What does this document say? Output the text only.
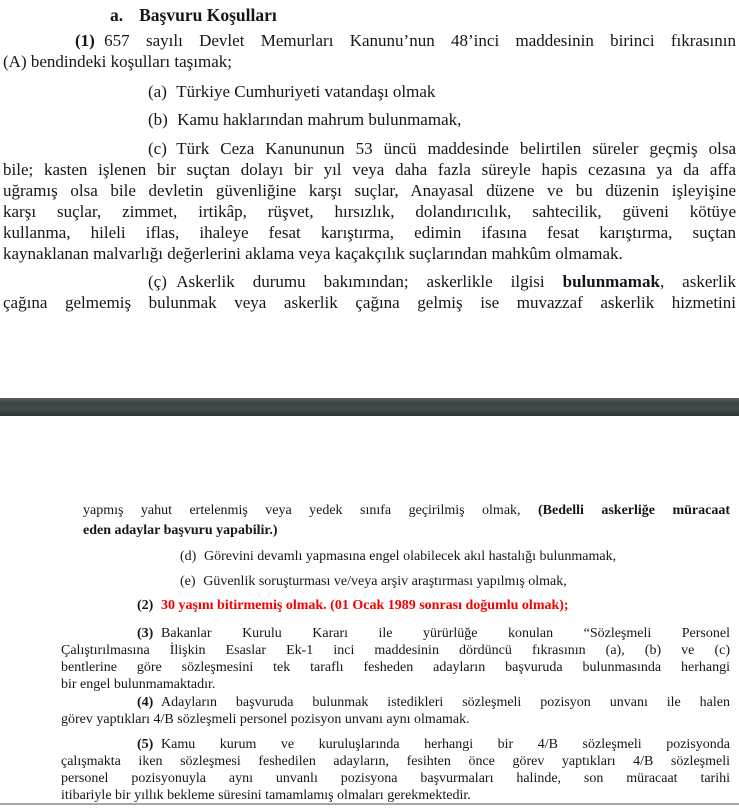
a. Başvuru Koşulları
(1) 657 sayılı Devlet Memurları Kanunu’nun 48’inci maddesinin birinci fıkrasının
(A) bendindeki koşulları taşımak;
(a) Türkiye Cumhuriyeti vatandaşı olmak
(b) Kamu haklarından mahrum bulunmamak,
(c) Türk Ceza Kanununun 53 üncü maddesinde belirtilen süreler geçmiş olsa
bile; kasten işlenen bir suçtan dolayı bir yıl veya daha fazla süreyle hapis cezasına ya da affa
uğramış olsa bile devletin güvenliğine karşı suçlar, Anayasal düzene ve bu düzenin işleyişine
karşı suçlar, zimmet, irtikâp, rüşvet, hırsızlık, dolandırıcılık, sahtecilik, güveni kötüye
kullanma, hileli iflas, ihaleye fesat karıştırma, edimin ifasına fesat karıştırma, suçtan
kaynaklanan malvarlığı değerlerini aklama veya kaçakçılık suçlarından mahkûm olmamak.
(ç) Askerlik durumu bakımından; askerlikle ilgisi bulunmamak, askerlik
çağına gelmemiş bulunmak veya askerlik çağına gelmiş ise muvazzaf askerlik hizmetini
yapmış yahut ertelenmiş veya yedek sınıfa geçirilmiş olmak, (Bedelli askerliğe müracaat
eden adaylar başvuru yapabilir.)
(d) Görevini devamlı yapmasına engel olabilecek akıl hastalığı bulunmamak,
(e) Güvenlik soruşturması ve/veya arşiv araştırması yapılmış olmak,
(2) 30 yaşını bitirmemiş olmak. (01 Ocak 1989 sonrası doğumlu olmak);
(3) Bakanlar Kurulu Kararı ile yürürlüğe konulan “Sözleşmeli Personel
Çalıştırılmasına İlişkin Esaslar Ek-1 inci maddesinin dördüncü fıkrasının (a), (b) ve (c)
bentlerine göre sözleşmesini tek taraflı fesheden adayların başvuruda bulunmasında herhangi
bir engel bulunmamaktadır.
(4) Adayların başvuruda bulunmak istedikleri sözleşmeli pozisyon unvanı ile halen
görev yaptıkları 4/B sözleşmeli personel pozisyon unvanı aynı olmamak.
(5) Kamu kurum ve kuruluşlarında herhangi bir 4/B sözleşmeli pozisyonda
çalışmakta iken sözleşmesi feshedilen adayların, fesihten önce görev yaptıkları 4/B sözleşmeli
personel pozisyonuyla aynı unvanlı pozisyona başvurmaları halinde, son müracaat tarihi
itibariyle bir yıllık bekleme süresini tamamlamış olmaları gerekmektedir.
